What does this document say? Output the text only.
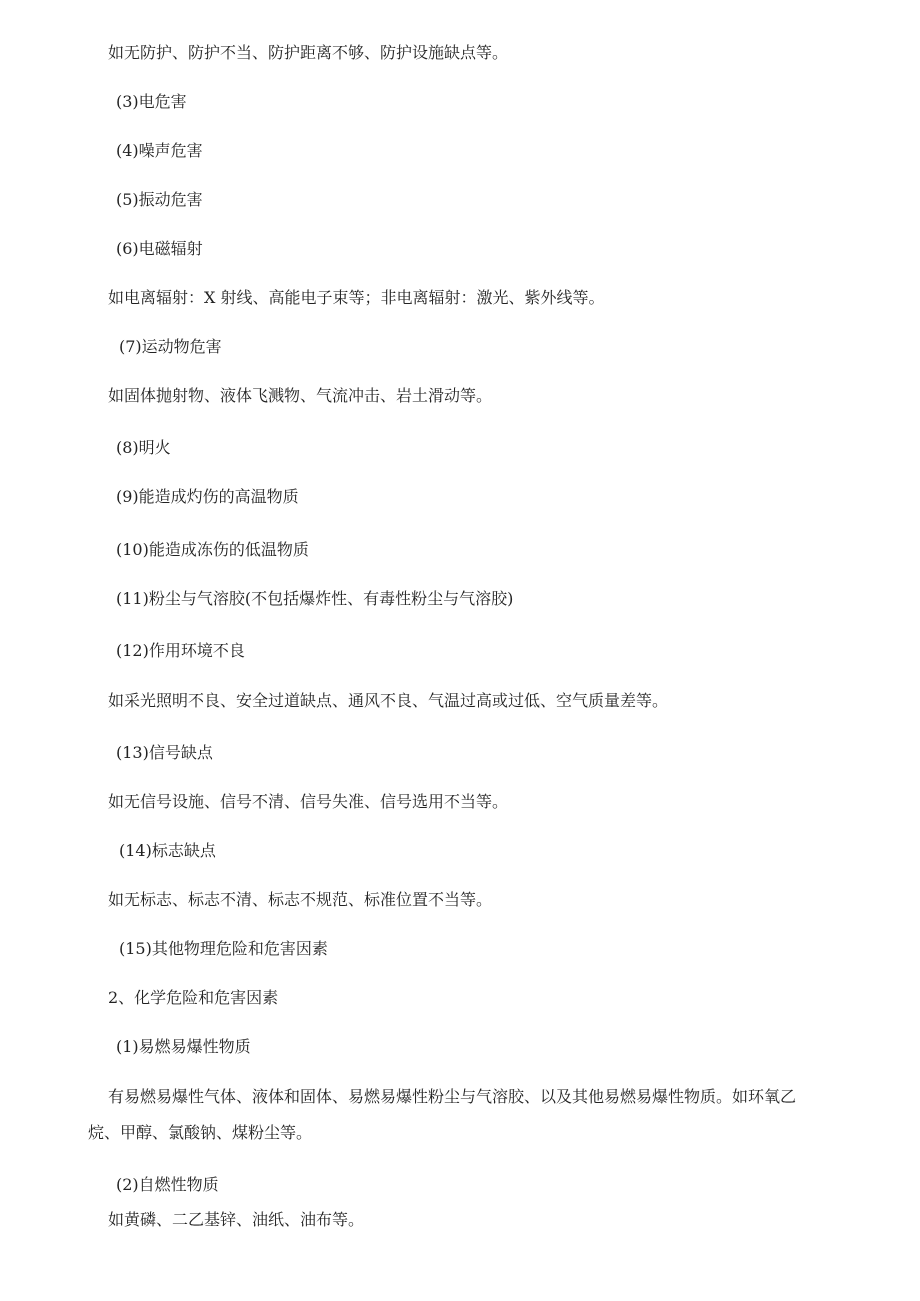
如无防护、防护不当、防护距离不够、防护设施缺点等。
(3)电危害
(4)噪声危害
(5)振动危害
(6)电磁辐射
如电离辐射：X 射线、高能电子束等；非电离辐射：激光、紫外线等。
(7)运动物危害
如固体抛射物、液体飞溅物、气流冲击、岩土滑动等。
(8)明火
(9)能造成灼伤的高温物质
(10)能造成冻伤的低温物质
(11)粉尘与气溶胶(不包括爆炸性、有毒性粉尘与气溶胶)
(12)作用环境不良
如采光照明不良、安全过道缺点、通风不良、气温过高或过低、空气质量差等。
(13)信号缺点
如无信号设施、信号不清、信号失准、信号选用不当等。
(14)标志缺点
如无标志、标志不清、标志不规范、标准位置不当等。
(15)其他物理危险和危害因素
2、化学危险和危害因素
(1)易燃易爆性物质
有易燃易爆性气体、液体和固体、易燃易爆性粉尘与气溶胶、以及其他易燃易爆性物质。如环氧乙
烷、甲醇、氯酸钠、煤粉尘等。
(2)自燃性物质
如黄磷、二乙基锌、油纸、油布等。
